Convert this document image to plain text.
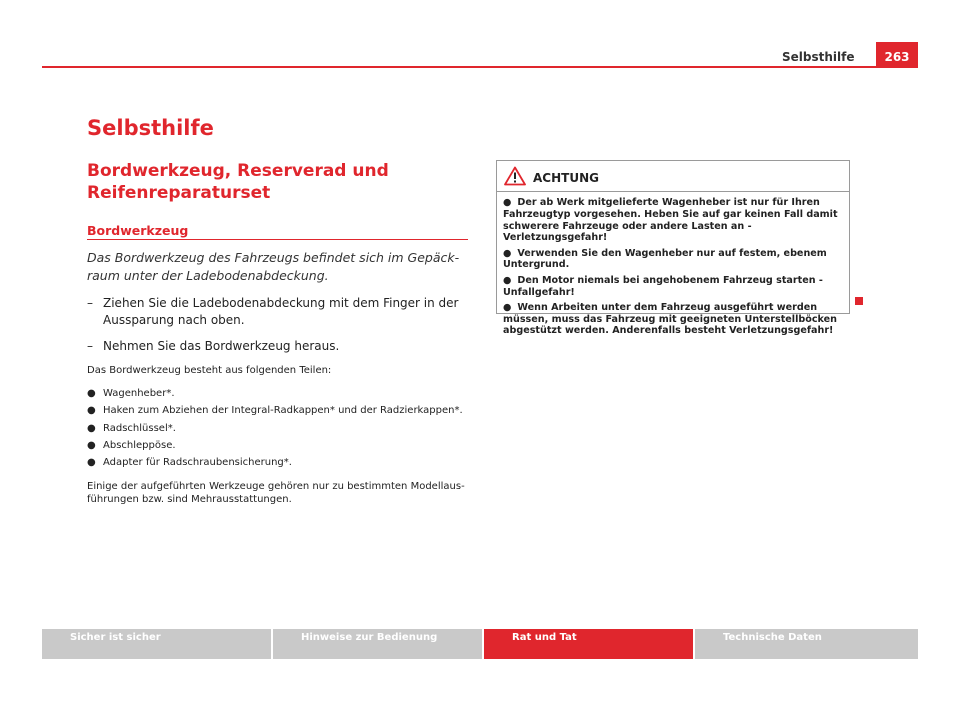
Selbsthilfe	263
Selbsthilfe
Bordwerkzeug, Reserverad und Reifenreparaturset
Bordwerkzeug

Das Bordwerkzeug des Fahrzeugs befindet sich im Gepäckraum unter der Ladebodenabdeckung.

– Ziehen Sie die Ladebodenabdeckung mit dem Finger in der Aussparung nach oben.
– Nehmen Sie das Bordwerkzeug heraus.

Das Bordwerkzeug besteht aus folgenden Teilen:

● Wagenheber*.
● Haken zum Abziehen der Integral-Radkappen* und der Radzierkappen*.
● Radschlüssel*.
● Abschleppöse.
● Adapter für Radschraubensicherung*.

Einige der aufgeführten Werkzeuge gehören nur zu bestimmten Modellausführungen bzw. sind Mehrausstattungen.

ACHTUNG
● Der ab Werk mitgelieferte Wagenheber ist nur für Ihren Fahrzeugtyp vorgesehen. Heben Sie auf gar keinen Fall damit schwerere Fahrzeuge oder andere Lasten an - Verletzungsgefahr!
● Verwenden Sie den Wagenheber nur auf festem, ebenem Untergrund.
● Den Motor niemals bei angehobenem Fahrzeug starten - Unfallgefahr!
● Wenn Arbeiten unter dem Fahrzeug ausgeführt werden müssen, muss das Fahrzeug mit geeigneten Unterstellböcken abgestützt werden. Anderenfalls besteht Verletzungsgefahr!
Sicher ist sicher	Hinweise zur Bedienung	Rat und Tat	Technische Daten
